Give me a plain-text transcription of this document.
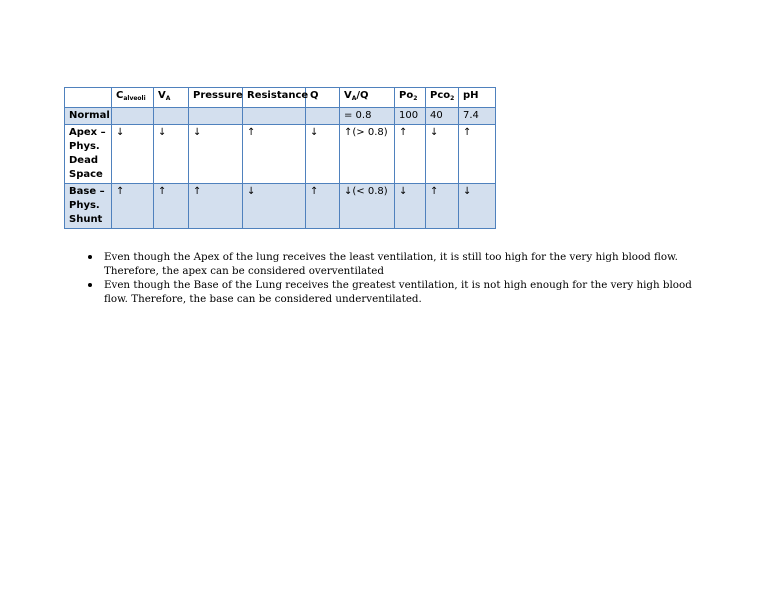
	$C_{alveoli}$	$V_A$	Pressure	Resistance	Q	$V_A/Q$	$Po_2$	Pco$_2$	pH

Normal						= 0.8	100	40	7.4

Apex –
Phys.
Dead
Space	↓	↓	↓	↑	↓	↑(> 0.8)	↑	↓	↑

Base –
Phys.
Shunt	↑	↑	↑	↓	↑	↓(< 0.8)	↓	↑	↓
Even though the Apex of the lung receives the least ventilation, it is still too high for the very high blood flow. Therefore, the apex can be considered overventilated
Even though the Base of the Lung receives the greatest ventilation, it is not high enough for the very high blood flow. Therefore, the base can be considered underventilated.
